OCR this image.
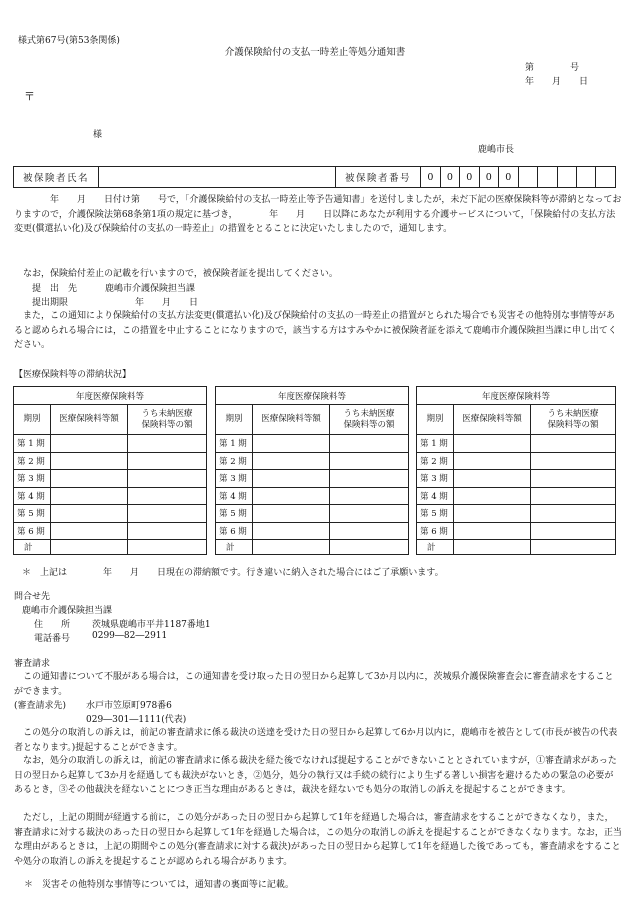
様式第67号(第53条関係)
介護保険給付の支払一時差止等処分通知書
第　　　　号
年　　月　　日
〒
様
鹿嶋市長
被保険者氏名		被保険者番号	0	0	0	0	0					
　　　　年　　月　　日付け第　　号で，「介護保険給付の支払一時差止等予告通知書」を送付しましたが，未だ下記の医療保険料等が滞納となっておりますので，介護保険法第68条第1項の規定に基づき，　　　　年　　月　　日以降にあなたが利用する介護サービスについて，「保険給付の支払方法変更(償還払い化)及び保険給付の支払の一時差止」の措置をとることに決定いたしましたので，通知します。
　なお，保険給付差止の記載を行いますので，被保険者証を提出してください。
提　出　先	鹿嶋市介護保険担当課
提出期限	年　　月　　日
　また，この通知により保険給付の支払方法変更(償還払い化)及び保険給付の支払の一時差止の措置がとられた場合でも災害その他特別な事情等があると認められる場合には，この措置を中止することになりますので，該当する方はすみやかに被保険者証を添えて鹿嶋市介護保険担当課に申し出てください。
【医療保険料等の滞納状況】
年度医療保険料等		
期別	医療保険料等額	うち未納医療
保険料等の額
第 1 期		
第 2 期		
第 3 期		
第 4 期		
第 5 期		
第 6 期		
計		
年度医療保険料等		
期別	医療保険料等額	うち未納医療
保険料等の額
第 1 期		
第 2 期		
第 3 期		
第 4 期		
第 5 期		
第 6 期		
計		
年度医療保険料等		
期別	医療保険料等額	うち未納医療
保険料等の額
第 1 期		
第 2 期		
第 3 期		
第 4 期		
第 5 期		
第 6 期		
計		
＊　上記は　　　　年　　月　　日現在の滞納額です。行き違いに納入された場合にはご了承願います。
問合せ先
鹿嶋市介護保険担当課
住　　所 茨城県鹿嶋市平井1187番地1
電話番号 0299―82―2911
審査請求
　この通知書について不服がある場合は，この通知書を受け取った日の翌日から起算して3か月以内に，茨城県介護保険審査会に審査請求をすることができます。
(審査請求先) 水戸市笠原町978番6
029―301―1111(代表)
　この処分の取消しの訴えは，前記の審査請求に係る裁決の送達を受けた日の翌日から起算して6か月以内に，鹿嶋市を被告として(市長が被告の代表者となります。)提起することができます。
　なお，処分の取消しの訴えは，前記の審査請求に係る裁決を経た後でなければ提起することができないこととされていますが，①審査請求があった日の翌日から起算して3か月を経過しても裁決がないとき，②処分，処分の執行又は手続の続行により生ずる著しい損害を避けるための緊急の必要があるとき，③その他裁決を経ないことにつき正当な理由があるときは，裁決を経ないでも処分の取消しの訴えを提起することができます。
　ただし，上記の期間が経過する前に，この処分があった日の翌日から起算して1年を経過した場合は，審査請求をすることができなくなり，また，審査請求に対する裁決のあった日の翌日から起算して1年を経過した場合は，この処分の取消しの訴えを提起することができなくなります。なお，正当な理由があるときは，上記の期間やこの処分(審査請求に対する裁決)があった日の翌日から起算して1年を経過した後であっても，審査請求をすることや処分の取消しの訴えを提起することが認められる場合があります。
＊　災害その他特別な事情等については，通知書の裏面等に記載。
